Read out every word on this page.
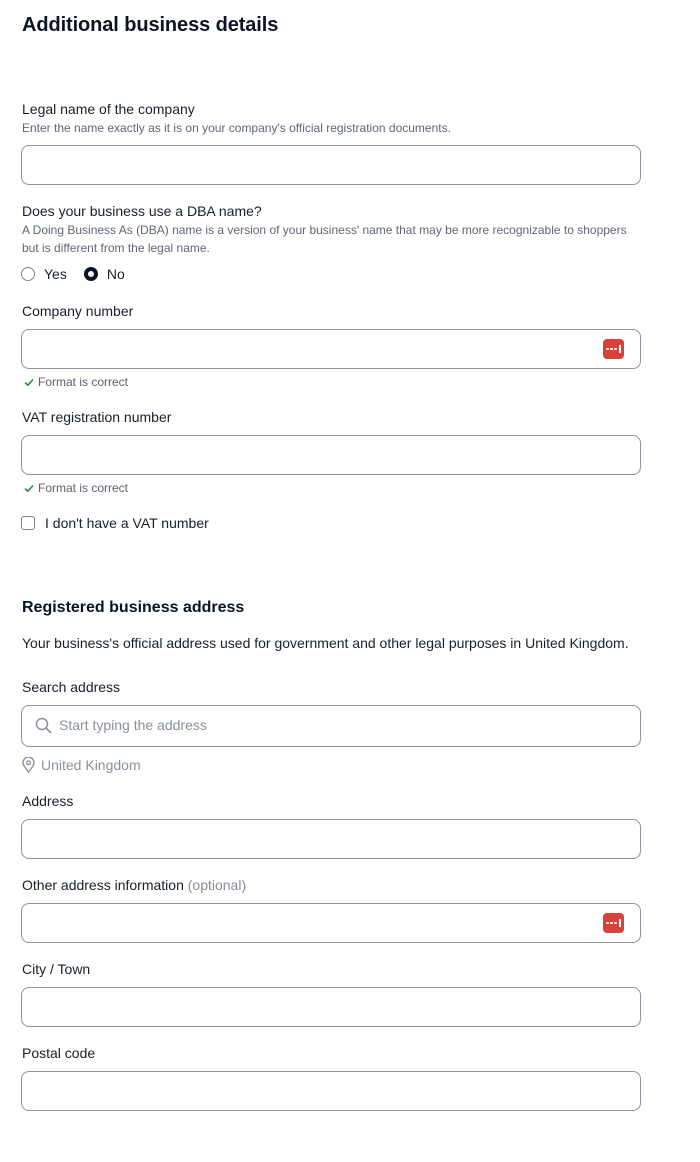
Additional business details
Legal name of the company
Enter the name exactly as it is on your company's official registration documents.
Does your business use a DBA name?
A Doing Business As (DBA) name is a version of your business' name that may be more recognizable to shoppers but is different from the legal name.
Yes	No
Company number
Format is correct
VAT registration number
Format is correct
I don't have a VAT number
Registered business address
Your business's official address used for government and other legal purposes in United Kingdom.
Search address
Start typing the address
United Kingdom
Address
Other address information (optional)
City / Town
Postal code
